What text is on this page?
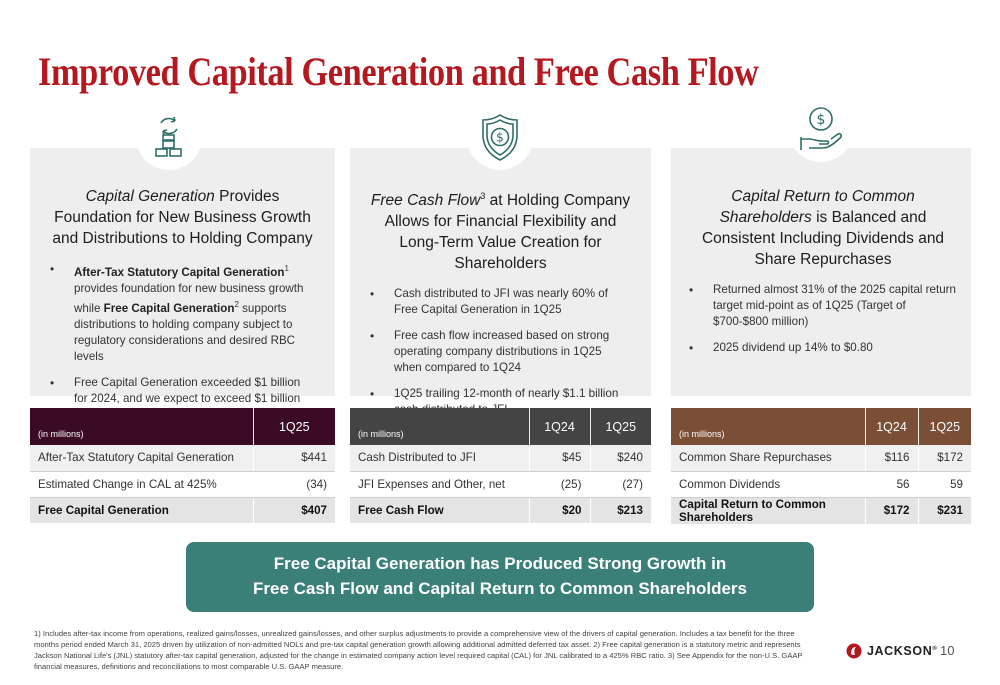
Improved Capital Generation and Free Cash Flow
$
$
Capital Generation Provides Foundation for New Business Growth and Distributions to Holding Company
• After-Tax Statutory Capital Generation$^1$ provides foundation for new business growth while Free Capital Generation$^2$ supports distributions to holding company subject to regulatory considerations and desired RBC levels
• Free Capital Generation exceeded $1 billion for 2024, and we expect to exceed $1 billion for 2025 under normal market conditions
Free Cash Flow$^3$ at Holding Company Allows for Financial Flexibility and Long-Term Value Creation for Shareholders
• Cash distributed to JFI was nearly 60% of Free Capital Generation in 1Q25
• Free cash flow increased based on strong operating company distributions in 1Q25 when compared to 1Q24
• 1Q25 trailing 12-month of nearly $1.1 billion cash distributed to JFI
Capital Return to Common Shareholders is Balanced and Consistent Including Dividends and Share Repurchases
• Returned almost 31% of the 2025 capital return target mid-point as of 1Q25 (Target of $700-$800 million)
• 2025 dividend up 14% to $0.80
(in millions)	1Q25
After-Tax Statutory Capital Generation	$441
Estimated Change in CAL at 425%	(34)
Free Capital Generation	$407
(in millions)	1Q24	1Q25
Cash Distributed to JFI	$45	$240
JFI Expenses and Other, net	(25)	(27)
Free Cash Flow	$20	$213
(in millions)	1Q24	1Q25
Common Share Repurchases	$116	$172
Common Dividends	56	59
Capital Return to Common Shareholders	$172	$231
Free Capital Generation has Produced Strong Growth in
Free Cash Flow and Capital Return to Common Shareholders
1) Includes after-tax income from operations, realized gains/losses, unrealized gains/losses, and other surplus adjustments to provide a comprehensive view of the drivers of capital generation. Includes a tax benefit for the three months period ended March 31, 2025 driven by utilization of non-admitted NOLs and pre-tax capital generation growth allowing additional admitted deferred tax asset. 2) Free capital generation is a statutory metric and represents Jackson National Life's (JNL) statutory after-tax capital generation, adjusted for the change in estimated company action level required capital (CAL) for JNL calibrated to a 425% RBC ratio. 3) See Appendix for the non-U.S. GAAP financial measures, definitions and reconciliations to most comparable U.S. GAAP measure.
JACKSON® 10
